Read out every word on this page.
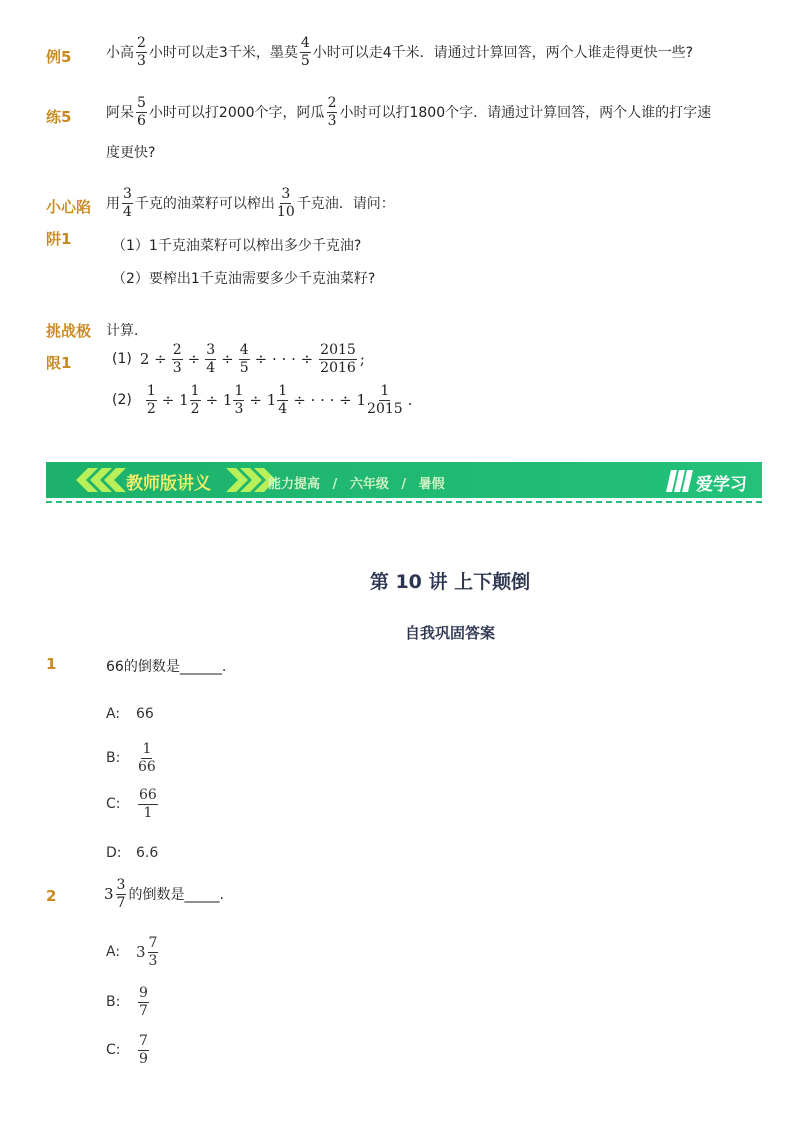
例5 小高 $\frac{2}{3}$ 小时可以走3千米，墨莫 $\frac{4}{5}$ 小时可以走4千米．请通过计算回答，两个人谁走得更快一些?
练5 阿呆 $\frac{5}{6}$ 小时可以打2000个字，阿瓜 $\frac{2}{3}$ 小时可以打1800个字．请通过计算回答，两个人谁的打字速
度更快?
小心陷
阱1
用 $\frac{3}{4}$ 千克的油菜籽可以榨出 $\frac{3}{10}$ 千克油．请问：
（1）1千克油菜籽可以榨出多少千克油?
（2）要榨出1千克油需要多少千克油菜籽?
挑战极
限1
计算．
(1) $2 \div \frac{2}{3} \div \frac{3}{4} \div \frac{4}{5}$ ÷ · · · ÷ $\frac{2015}{2016}$ ;
$(2) \frac{1}{2} \div 1 \frac{1}{2} \div 1 \frac{1}{3} \div 1 \frac{1}{4}$ ÷ · · · ÷ $1 \frac{1}{2015}$ .
教师版讲义	能力提高 / 六年级 / 暑假	爱学习
第 10 讲 上下颠倒
自我巩固答案
1	66的倒数是______.
A:	66
B:	$\frac{1}{66}$
C:	$\frac{66}{1}$
D:	6.6
2	$3 \frac{3}{7}$ 的倒数是_____.
A:	$3 \frac{7}{3}$
B:	$\frac{9}{7}$
C:	$\frac{7}{9}$
